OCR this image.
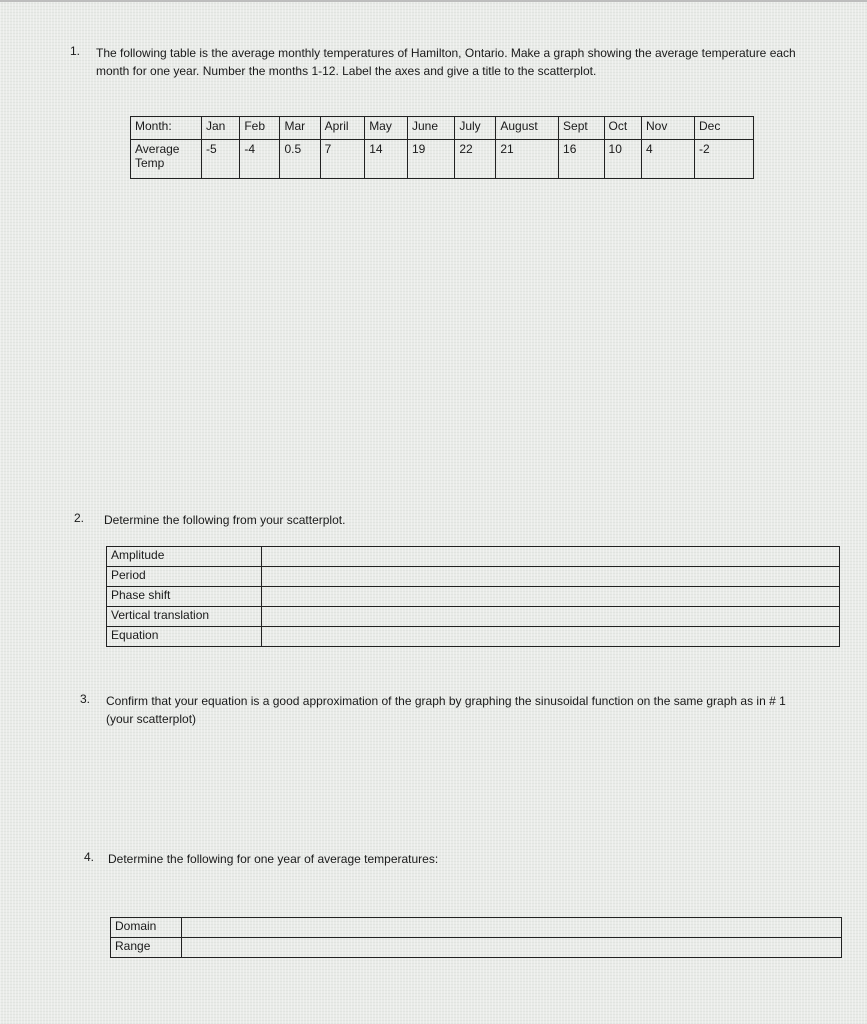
1. The following table is the average monthly temperatures of Hamilton, Ontario. Make a graph showing the average temperature each month for one year. Number the months 1-12. Label the axes and give a title to the scatterplot.
Month:	Jan	Feb	Mar	April	May	June	July	August	Sept	Oct	Nov	Dec
Average Temp	-5	-4	0.5	7	14	19	22	21	16	10	4	-2
2. Determine the following from your scatterplot.
Amplitude	
Period	
Phase shift	
Vertical translation	
Equation	
3. Confirm that your equation is a good approximation of the graph by graphing the sinusoidal function on the same graph as in # 1 (your scatterplot)
4. Determine the following for one year of average temperatures:
Domain	
Range	
